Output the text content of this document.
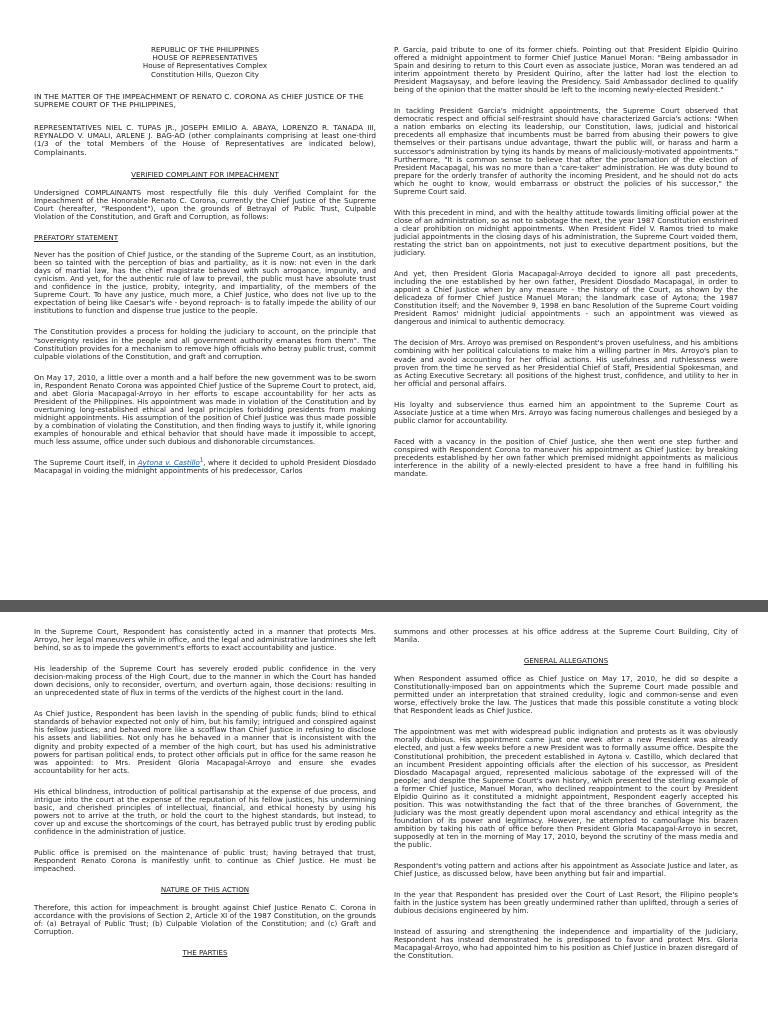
REPUBLIC OF THE PHILIPPINES
HOUSE OF REPRESENTATIVES
House of Representatives Complex
Constitution Hills, Quezon City
IN THE MATTER OF THE IMPEACHMENT OF RENATO C. CORONA AS CHIEF JUSTICE OF THE SUPREME COURT OF THE PHILIPPINES,
REPRESENTATIVES NIEL C. TUPAS JR., JOSEPH EMILIO A. ABAYA, LORENZO R. TANADA III, REYNALDO V. UMALI, ARLENE J. BAG-AO (other complainants comprising at least one-third (1/3 of the total Members of the House of Representatives are indicated below), Complainants.
VERIFIED COMPLAINT FOR IMPEACHMENT
Undersigned COMPLAINANTS most respectfully file this duly Verified Complaint for the Impeachment of the Honorable Renato C. Corona, currently the Chief Justice of the Supreme Court (hereafter, "Respondent"), upon the grounds of Betrayal of Public Trust, Culpable Violation of the Constitution, and Graft and Corruption, as follows:
PREFATORY STATEMENT
Never has the position of Chief Justice, or the standing of the Supreme Court, as an institution, been so tainted with the perception of bias and partiality, as it is now: not even in the dark days of martial law, has the chief magistrate behaved with such arrogance, impunity, and cynicism. And yet, for the authentic rule of law to prevail, the public must have absolute trust and confidence in the justice, probity, integrity, and impartiality, of the members of the Supreme Court. To have any justice, much more, a Chief Justice, who does not live up to the expectation of being like Caesar's wife - beyond reproach- is to fatally impede the ability of our institutions to function and dispense true justice to the people.
The Constitution provides a process for holding the judiciary to account, on the principle that "sovereignty resides in the people and all government authority emanates from them". The Constitution provides for a mechanism to remove high officials who betray public trust, commit culpable violations of the Constitution, and graft and corruption.
On May 17, 2010, a little over a month and a half before the new government was to be sworn in, Respondent Renato Corona was appointed Chief Justice of the Supreme Court to protect, aid, and abet Gloria Macapagal-Arroyo in her efforts to escape accountability for her acts as President of the Philippines. His appointment was made in violation of the Constitution and by overturning long-established ethical and legal principles forbidding presidents from making midnight appointments. His assumption of the position of Chief Justice was thus made possible by a combination of violating the Constitution, and then finding ways to justify it, while ignoring examples of honourable and ethical behavior that should have made it impossible to accept, much less assume, office under such dubious and dishonorable circumstances.
The Supreme Court itself, in Aytona v. Castillo$^1$, where it decided to uphold President Diosdado Macapagal in voiding the midnight appointments of his predecessor, Carlos
P. Garcia, paid tribute to one of its former chiefs. Pointing out that President Elpidio Quirino offered a midnight appointment to former Chief Justice Manuel Moran: "Being ambassador in Spain and desiring to return to this Court even as associate justice, Moran was tendered an ad interim appointment thereto by President Quirino, after the latter had lost the election to President Magsaysay, and before leaving the Presidency. Said Ambassador declined to qualify being of the opinion that the matter should be left to the incoming newly-elected President."
In tackling President Garcia's midnight appointments, the Supreme Court observed that democratic respect and official self-restraint should have characterized Garcia's actions: "When a nation embarks on electing its leadership, our Constitution, laws, judicial and historical precedents all emphasize that incumbents must be barred from abusing their powers to give themselves or their partisans undue advantage, thwart the public will, or harass and harm a successor's administration by tying its hands by means of maliciously-motivated appointments." Furthermore, "It is common sense to believe that after the proclamation of the election of President Macapagal, his was no more than a 'care-taker' administration. He was duty bound to prepare for the orderly transfer of authority the incoming President, and he should not do acts which he ought to know, would embarrass or obstruct the policies of his successor," the Supreme Court said.
With this precedent in mind, and with the healthy attitude towards limiting official power at the close of an administration, so as not to sabotage the next, the year 1987 Constitution enshrined a clear prohibition on midnight appointments. When President Fidel V. Ramos tried to make judicial appointments in the closing days of his administration, the Supreme Court voided them, restating the strict ban on appointments, not just to executive department positions, but the judiciary.
And yet, then President Gloria Macapagal-Arroyo decided to ignore all past precedents, including the one established by her own father, President Diosdado Macapagal, in order to appoint a Chief Justice when by any measure - the history of the Court, as shown by the delicadeza of former Chief Justice Manuel Moran; the landmark case of Aytona; the 1987 Constitution itself; and the November 9, 1998 en banc Resolution of the Supreme Court voiding President Ramos' midnight judicial appointments - such an appointment was viewed as dangerous and inimical to authentic democracy.
The decision of Mrs. Arroyo was premised on Respondent's proven usefulness, and his ambitions combining with her political calculations to make him a willing partner in Mrs. Arroyo's plan to evade and avoid accounting for her official actions. His usefulness and ruthlessness were proven from the time he served as her Presidential Chief of Staff, Presidential Spokesman, and as Acting Executive Secretary: all positions of the highest trust, confidence, and utility to her in her official and personal affairs.
His loyalty and subservience thus earned him an appointment to the Supreme Court as Associate Justice at a time when Mrs. Arroyo was facing numerous challenges and besieged by a public clamor for accountability.
Faced with a vacancy in the position of Chief Justice, she then went one step further and conspired with Respondent Corona to maneuver his appointment as Chief Justice: by breaking precedents established by her own father which premised midnight appointments as malicious interference in the ability of a newly-elected president to have a free hand in fulfilling his mandate.
In the Supreme Court, Respondent has consistently acted in a manner that protects Mrs. Arroyo, her legal maneuvers while in office, and the legal and administrative landmines she left behind, so as to impede the government's efforts to exact accountability and justice.
His leadership of the Supreme Court has severely eroded public confidence in the very decision-making process of the High Court, due to the manner in which the Court has handed down decisions, only to reconsider, overturn, and overturn again, those decisions: resulting in an unprecedented state of flux in terms of the verdicts of the highest court in the land.
As Chief Justice, Respondent has been lavish in the spending of public funds; blind to ethical standards of behavior expected not only of him, but his family; intrigued and conspired against his fellow justices; and behaved more like a scofflaw than Chief Justice in refusing to disclose his assets and liabilities. Not only has he behaved in a manner that is inconsistent with the dignity and probity expected of a member of the high court, but has used his administrative powers for partisan political ends, to protect other officials put in office for the same reason he was appointed: to Mrs. President Gloria Macapagal-Arroyo and ensure she evades accountability for her acts.
His ethical blindness, introduction of political partisanship at the expense of due process, and intrigue into the court at the expense of the reputation of his fellow justices, his undermining basic, and cherished principles of intellectual, financial, and ethical honesty by using his powers not to arrive at the truth, or hold the court to the highest standards, but instead, to cover up and excuse the shortcomings of the court, has betrayed public trust by eroding public confidence in the administration of justice.
Public office is premised on the maintenance of public trust; having betrayed that trust, Respondent Renato Corona is manifestly unfit to continue as Chief Justice. He must be impeached.
NATURE OF THIS ACTION
Therefore, this action for impeachment is brought against Chief Justice Renato C. Corona in accordance with the provisions of Section 2, Article XI of the 1987 Constitution, on the grounds of: (a) Betrayal of Public Trust; (b) Culpable Violation of the Constitution; and (c) Graft and Corruption.
THE PARTIES
summons and other processes at his office address at the Supreme Court Building, City of Manila.
GENERAL ALLEGATIONS
When Respondent assumed office as Chief Justice on May 17, 2010, he did so despite a Constitutionally-imposed ban on appointments which the Supreme Court made possible and permitted under an interpretation that strained credulity, logic and common-sense and even worse, effectively broke the law. The Justices that made this possible constitute a voting block that Respondent leads as Chief Justice.
The appointment was met with widespread public indignation and protests as it was obviously morally dubious. His appointment came just one week after a new President was already elected, and just a few weeks before a new President was to formally assume office. Despite the Constitutional prohibition, the precedent established in Aytona v. Castillo, which declared that an incumbent President appointing officials after the election of his successor, as President Diosdado Macapagal argued, represented malicious sabotage of the expressed will of the people; and despite the Supreme Court's own history, which presented the sterling example of a former Chief Justice, Manuel Moran, who declined reappointment to the court by President Elpidio Quirino as it constituted a midnight appointment, Respondent eagerly accepted his position. This was notwithstanding the fact that of the three branches of Government, the Judiciary was the most greatly dependent upon moral ascendancy and ethical integrity as the foundation of its power and legitimacy. However, he attempted to camouflage his brazen ambition by taking his oath of office before then President Gloria Macapagal-Arroyo in secret, supposedly at ten in the morning of May 17, 2010, beyond the scrutiny of the mass media and the public.
Respondent's voting pattern and actions after his appointment as Associate Justice and later, as Chief Justice, as discussed below, have been anything but fair and impartial.
In the year that Respondent has presided over the Court of Last Resort, the Filipino people's faith in the justice system has been greatly undermined rather than uplifted, through a series of dubious decisions engineered by him.
Instead of assuring and strengthening the independence and impartiality of the Judiciary, Respondent has instead demonstrated he is predisposed to favor and protect Mrs. Gloria Macapagal-Arroyo, who had appointed him to his position as Chief Justice in brazen disregard of the Constitution.
